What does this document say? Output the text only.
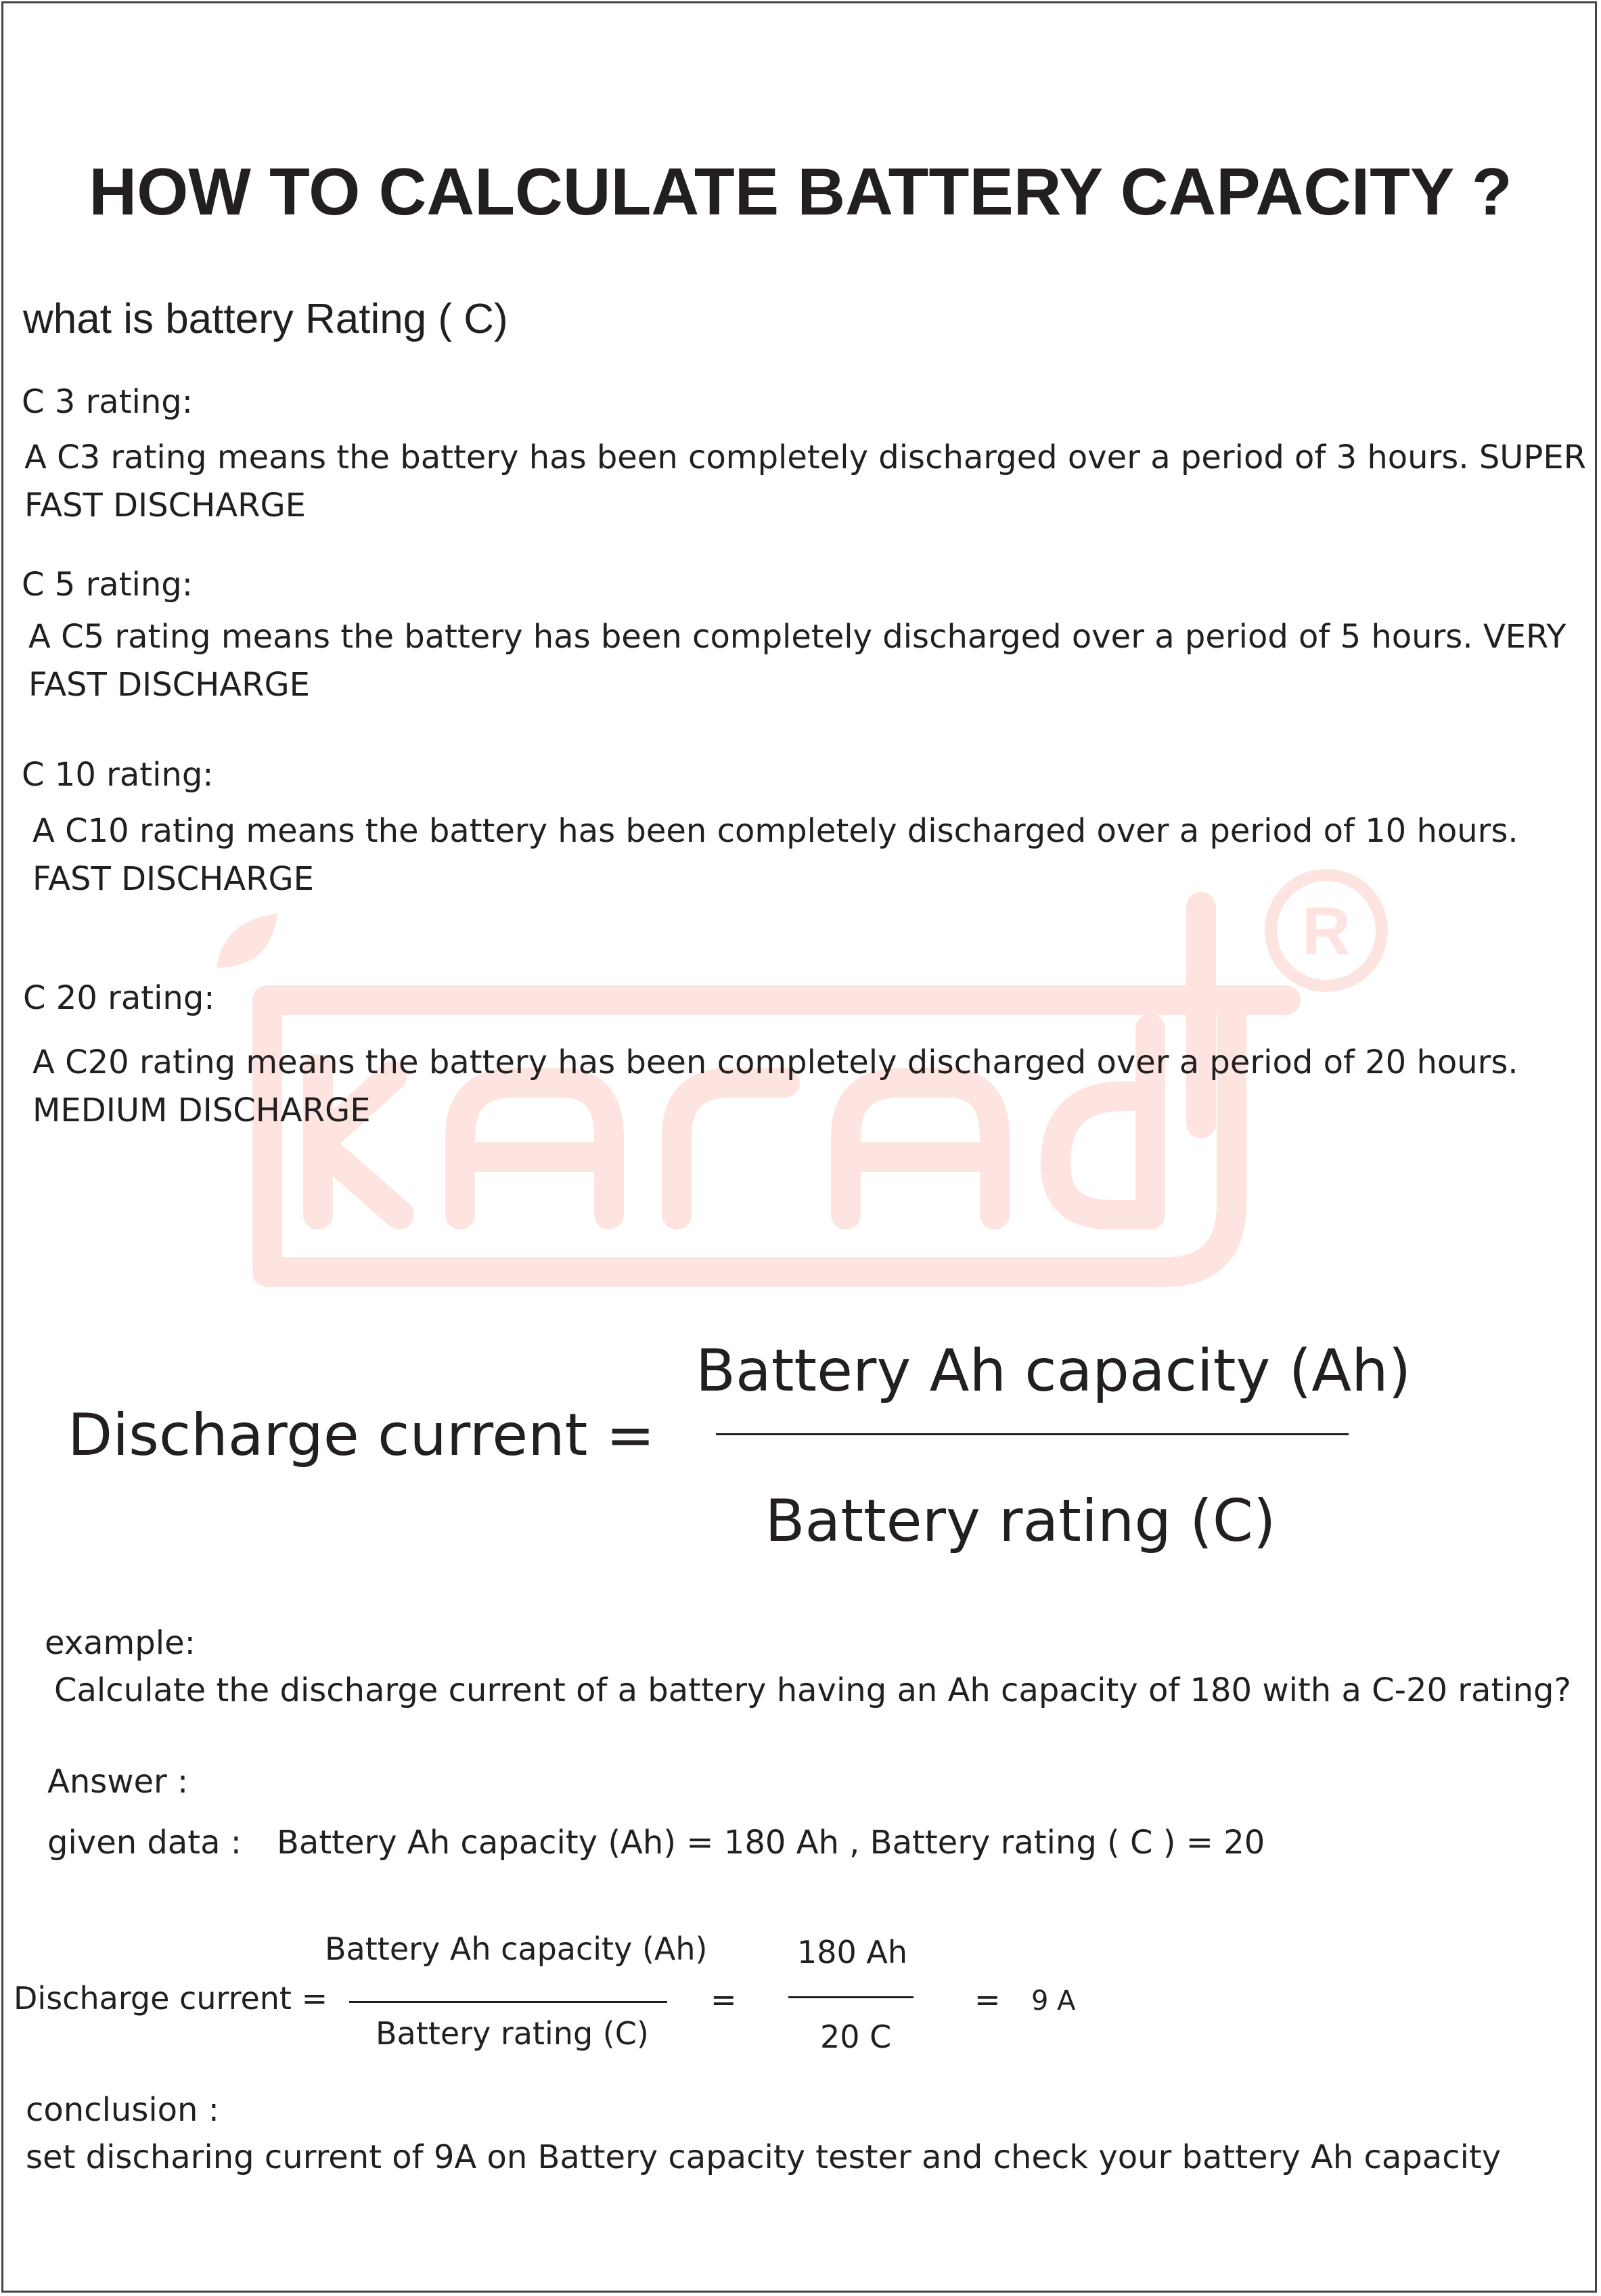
R
HOW TO CALCULATE BATTERY CAPACITY ?
what is battery Rating ( C)
C 3 rating:
A C3 rating means the battery has been completely discharged over a period of 3 hours. SUPER
FAST DISCHARGE
C 5 rating:
A C5 rating means the battery has been completely discharged over a period of 5 hours. VERY
FAST DISCHARGE
C 10 rating:
A C10 rating means the battery has been completely discharged over a period of 10 hours.
FAST DISCHARGE
C 20 rating:
A C20 rating means the battery has been completely discharged over a period of 20 hours.
MEDIUM DISCHARGE
Discharge current =
Battery Ah capacity (Ah)
Battery rating (C)
example:
Calculate the discharge current of a battery having an Ah capacity of 180 with a C-20 rating?
Answer :
given data : Battery Ah capacity (Ah) = 180 Ah , Battery rating ( C ) = 20
Discharge current =
Battery Ah capacity (Ah)
Battery rating (C)
=
180 Ah
20 C
= 9 A
conclusion :
set discharing current of 9A on Battery capacity tester and check your battery Ah capacity
